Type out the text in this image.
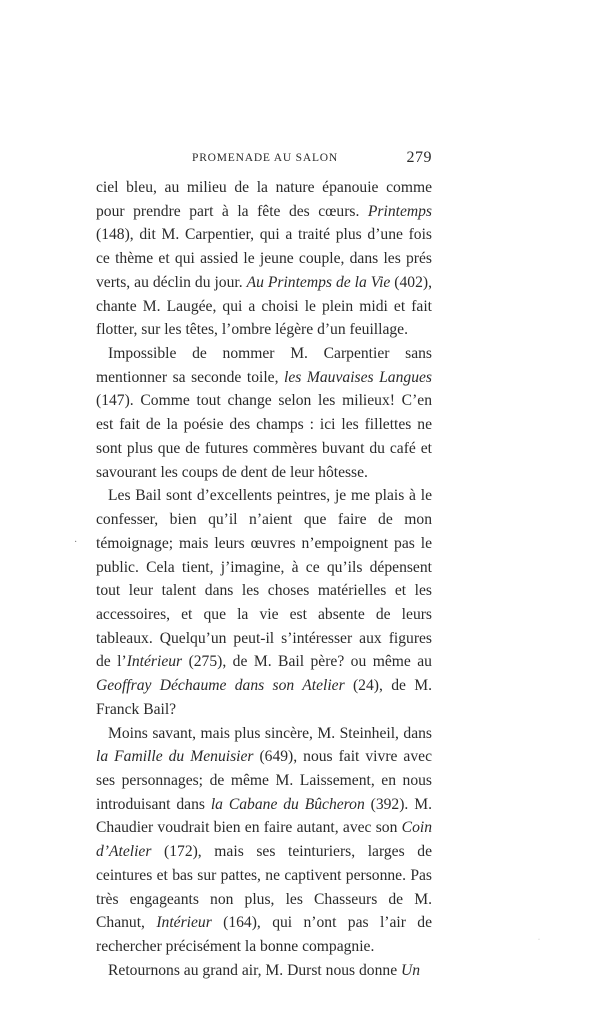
PROMENADE AU SALON	279

ciel bleu, au milieu de la nature épanouie comme pour prendre part à la fête des cœurs. Printemps (148), dit M. Carpentier, qui a traité plus d’une fois ce thème et qui assied le jeune couple, dans les prés verts, au déclin du jour. Au Printemps de la Vie (402), chante M. Laugée, qui a choisi le plein midi et fait flotter, sur les têtes, l’ombre légère d’un feuillage.

Impossible de nommer M. Carpentier sans mentionner sa seconde toile, les Mauvaises Langues (147). Comme tout change selon les milieux! C’en est fait de la poésie des champs : ici les fillettes ne sont plus que de futures commères buvant du café et savourant les coups de dent de leur hôtesse.

Les Bail sont d’excellents peintres, je me plais à le confesser, bien qu’il n’aient que faire de mon témoignage; mais leurs œuvres n’empoignent pas le public. Cela tient, j’imagine, à ce qu’ils dépensent tout leur talent dans les choses matérielles et les accessoires, et que la vie est absente de leurs tableaux. Quelqu’un peut-il s’intéresser aux figures de l’Intérieur (275), de M. Bail père? ou même au Geoffray Déchaume dans son Atelier (24), de M. Franck Bail?

Moins savant, mais plus sincère, M. Steinheil, dans la Famille du Menuisier (649), nous fait vivre avec ses personnages; de même M. Laissement, en nous introduisant dans la Cabane du Bûcheron (392). M. Chaudier voudrait bien en faire autant, avec son Coin d’Atelier (172), mais ses teinturiers, larges de ceintures et bas sur pattes, ne captivent personne. Pas très engageants non plus, les Chasseurs de M. Chanut, Intérieur (164), qui n’ont pas l’air de rechercher précisément la bonne compagnie.

Retournons au grand air, M. Durst nous donne Un

·
·
